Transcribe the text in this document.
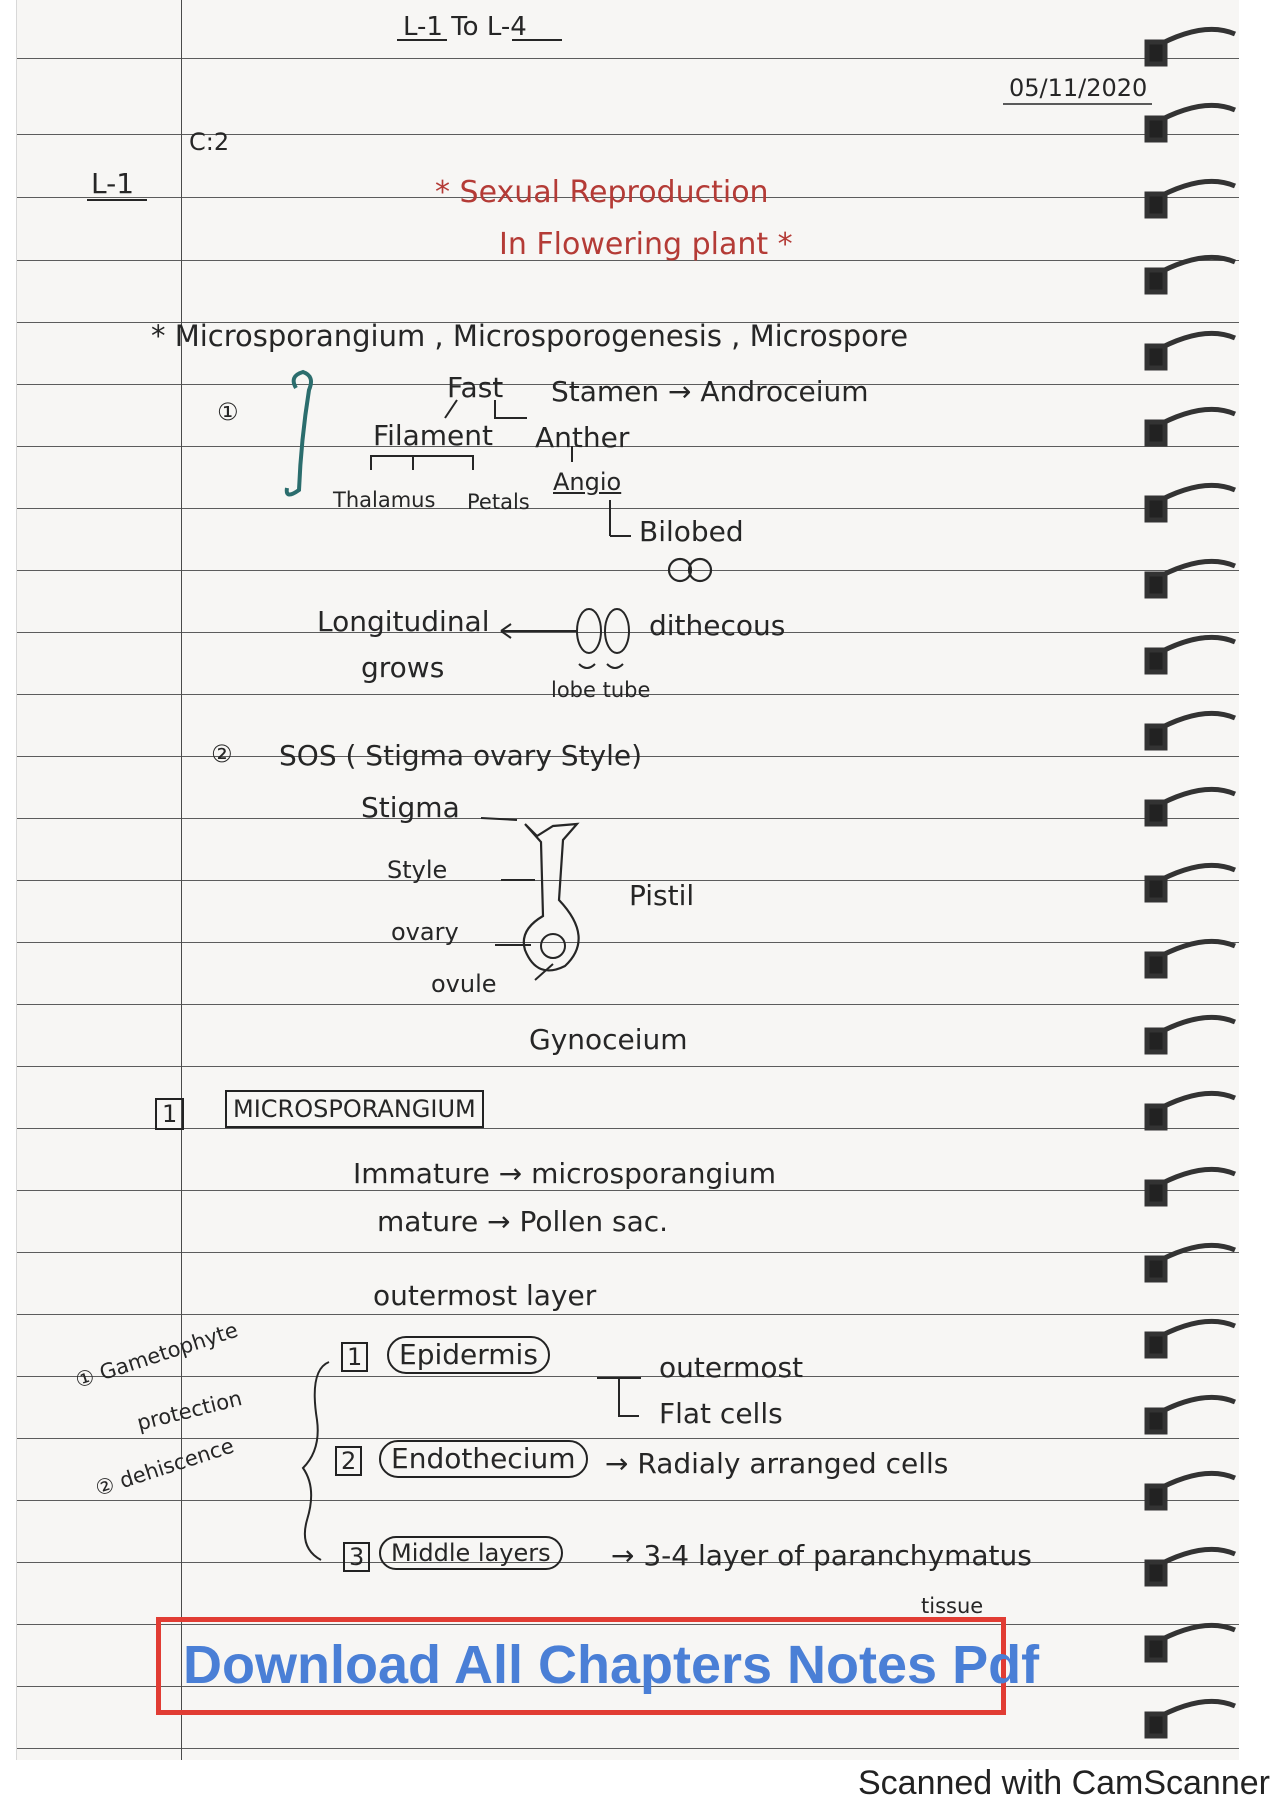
L-1 To L-4
05/11/2020
C:2
L-1	* Sexual Reproduction
In Flowering plant *
* Microsporangium , Microsporogenesis , Microspore
①
Fast Stamen → Androceium
Filament Anther
Thalamus Petals
Angio
Bilobed
dithecous
Longitudinal
grows
lobe tube
② SOS ( Stigma ovary Style)
Stigma
Style
ovary
ovule
Pistil
Gynoceium
1	MICROSPORANGIUM
Immature → microsporangium
mature → Pollen sac.
outermost layer
① Gametophyte
protection
② dehiscence
1	Epidermis	outermost
Flat cells
2	Endothecium	→ Radialy arranged cells
3	Middle layers	→ 3-4 layer of paranchymatus
tissue
Download All Chapters Notes Pdf
Scanned with CamScanner
